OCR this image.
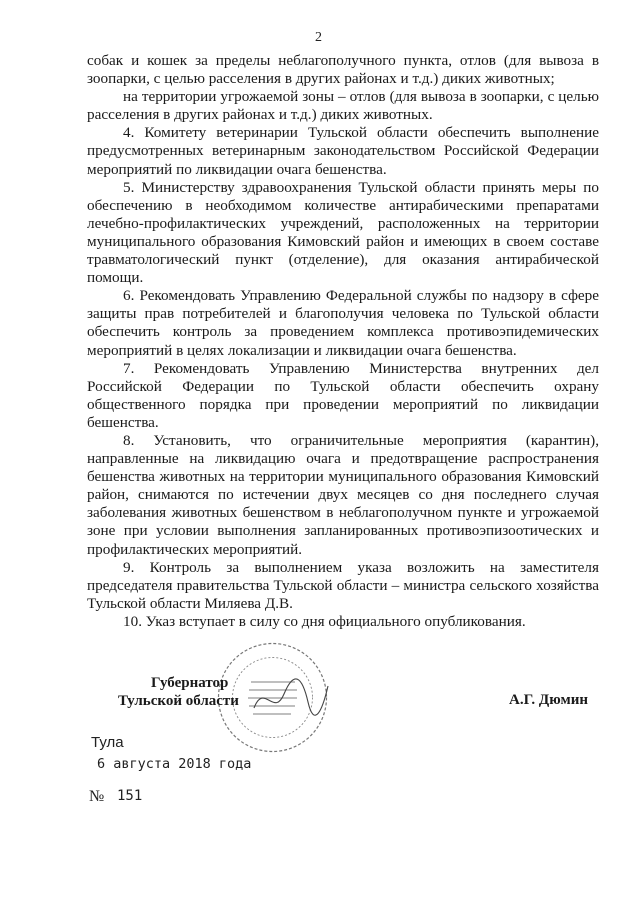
2

собак и кошек за пределы неблагополучного пункта, отлов (для вывоза в зоопарки, с целью расселения в других районах и т.д.) диких животных;

на территории угрожаемой зоны – отлов (для вывоза в зоопарки, с целью расселения в других районах и т.д.) диких животных.

4. Комитету ветеринарии Тульской области обеспечить выполнение предусмотренных ветеринарным законодательством Российской Федерации мероприятий по ликвидации очага бешенства.

5. Министерству здравоохранения Тульской области принять меры по обеспечению в необходимом количестве антирабическими препаратами лечебно-профилактических учреждений, расположенных на территории муниципального образования Кимовский район и имеющих в своем составе травматологический пункт (отделение), для оказания антирабической помощи.

6. Рекомендовать Управлению Федеральной службы по надзору в сфере защиты прав потребителей и благополучия человека по Тульской области обеспечить контроль за проведением комплекса противоэпидемических мероприятий в целях локализации и ликвидации очага бешенства.

7. Рекомендовать Управлению Министерства внутренних дел Российской Федерации по Тульской области обеспечить охрану общественного порядка при проведении мероприятий по ликвидации бешенства.

8. Установить, что ограничительные мероприятия (карантин), направленные на ликвидацию очага и предотвращение распространения бешенства животных на территории муниципального образования Кимовский район, снимаются по истечении двух месяцев со дня последнего случая заболевания животных бешенством в неблагополучном пункте и угрожаемой зоне при условии выполнения запланированных противоэпизоотических и профилактических мероприятий.

9. Контроль за выполнением указа возложить на заместителя председателя правительства Тульской области – министра сельского хозяйства Тульской области Миляева Д.В.

10. Указ вступает в силу со дня официального опубликования.

Губернатор
Тульской области	А.Г. Дюмин
Тула
6 августа 2018 года
№ 151
